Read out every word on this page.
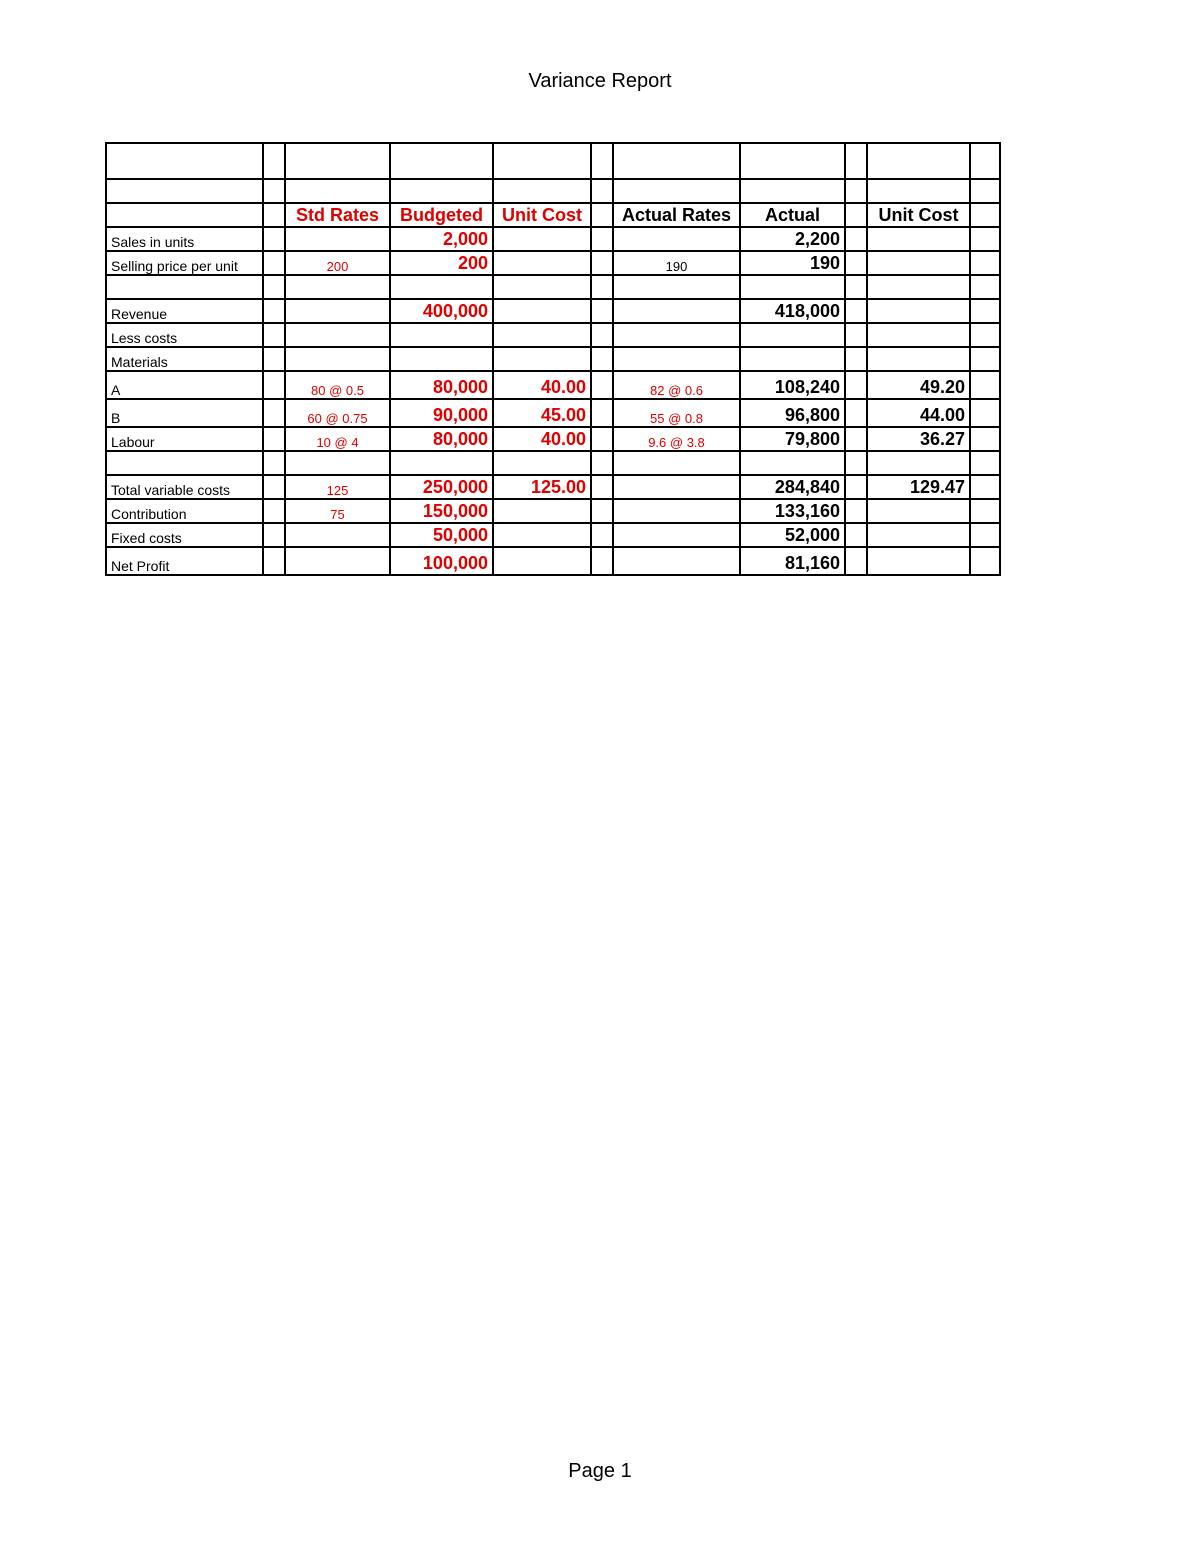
Variance Report

		Std Rates	Budgeted	Unit Cost		Actual Rates	Actual		Unit Cost	
Sales in units			2,000				2,200			
Selling price per unit		200	200			190	190			

Revenue			400,000				418,000			
Less costs										
Materials										
A		80 @ 0.5	80,000	40.00		82 @ 0.6	108,240		49.20	
B		60 @ 0.75	90,000	45.00		55 @ 0.8	96,800		44.00	
Labour		10 @ 4	80,000	40.00		9.6 @ 3.8	79,800		36.27	

Total variable costs		125	250,000	125.00			284,840		129.47	
Contribution		75	150,000				133,160			
Fixed costs			50,000				52,000			
Net Profit			100,000				81,160			
Page 1
